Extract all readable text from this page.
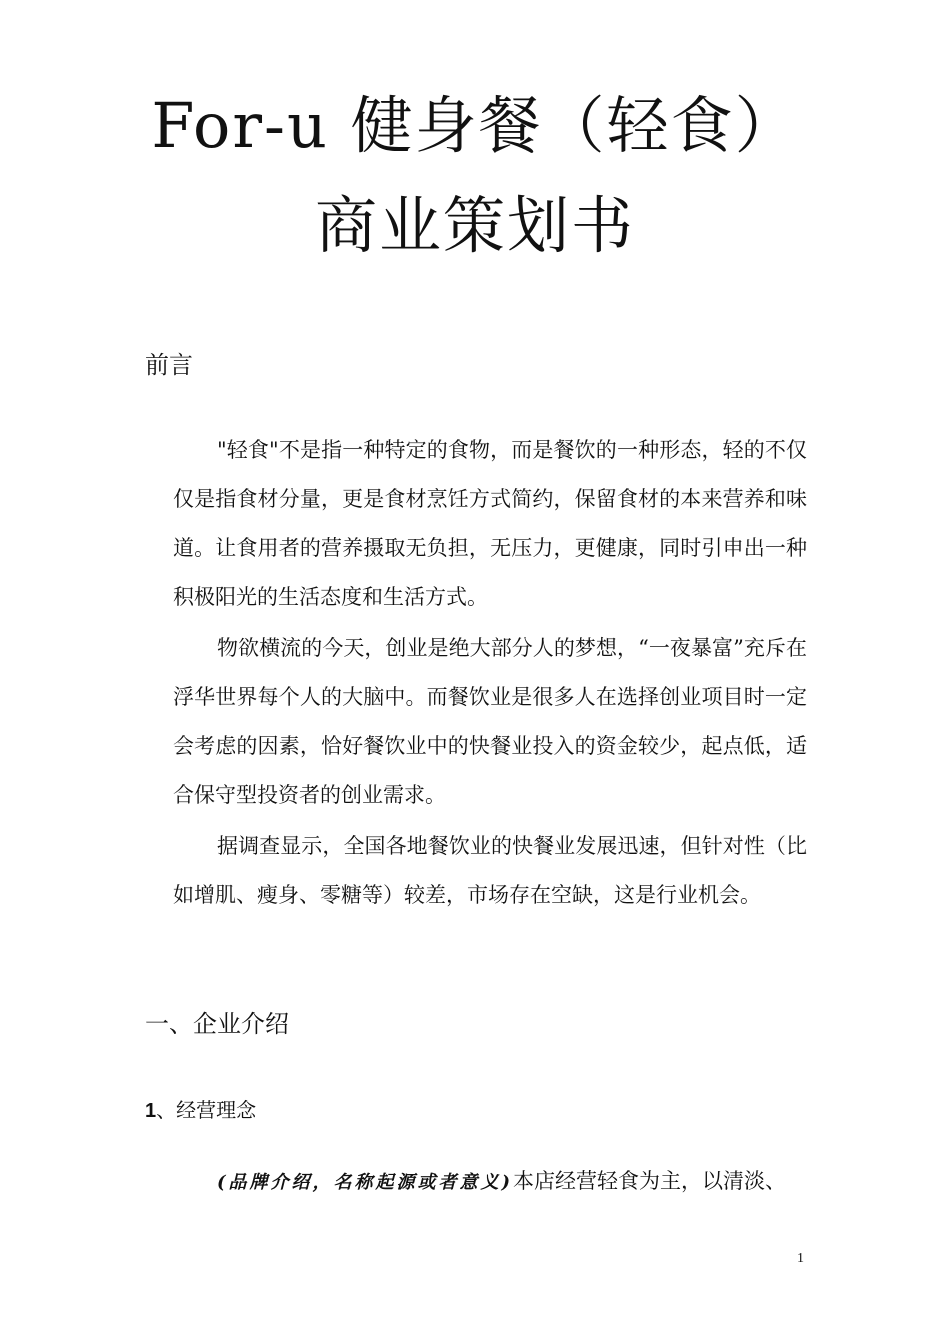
For-u 健身餐（轻食）
商业策划书
前言

"轻食"不是指一种特定的食物，而是餐饮的一种形态，轻的不仅仅是指食材分量，更是食材烹饪方式简约，保留食材的本来营养和味道。让食用者的营养摄取无负担，无压力，更健康，同时引申出一种积极阳光的生活态度和生活方式。

物欲横流的今天，创业是绝大部分人的梦想，“一夜暴富”充斥在浮华世界每个人的大脑中。而餐饮业是很多人在选择创业项目时一定会考虑的因素，恰好餐饮业中的快餐业投入的资金较少，起点低，适合保守型投资者的创业需求。

据调查显示，全国各地餐饮业的快餐业发展迅速，但针对性（比如增肌、瘦身、零糖等）较差，市场存在空缺，这是行业机会。

一、企业介绍
1、经营理念

(品牌介绍，名称起源或者意义)本店经营轻食为主，以清淡、

1
